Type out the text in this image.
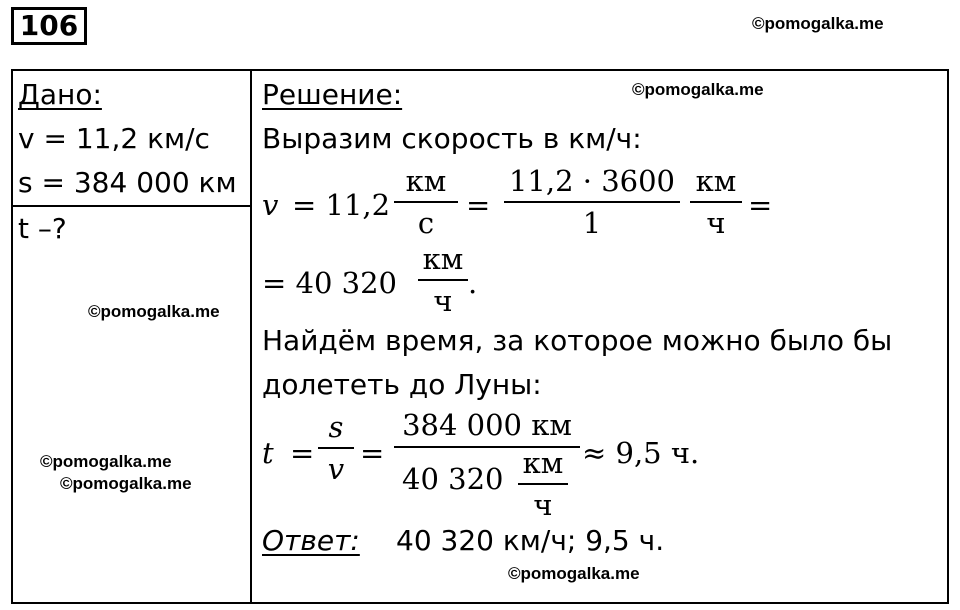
106	©pomogalka.me
Дано:
v = 11,2 км/с
s = 384 000 км
t –?
©pomogalka.me
©pomogalka.me
©pomogalka.me
Решение:	©pomogalka.me
Выразим скорость в км/ч:
v = 11,2
км
с
=
11,2 · 3600
1
км
ч
=
= 40 320
км
ч
.
Найдём время, за которое можно было бы
долететь до Луны:
t =
s
v =
384 000 км
40 320 км
ч
≈ 9,5 ч.
Ответ: 40 320 км/ч; 9,5 ч.
©pomogalka.me
